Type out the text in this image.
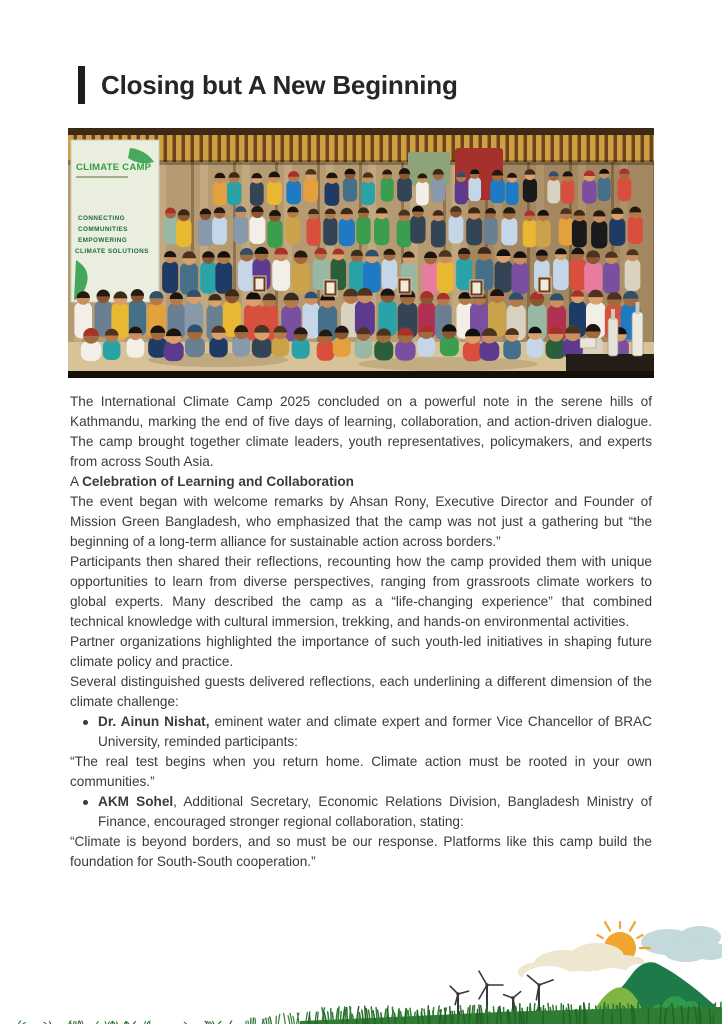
Closing but A New Beginning
CLIMATE CAMP
CONNECTING
COMMUNITIES
EMPOWERING
CLIMATE SOLUTIONS
The International Climate Camp 2025 concluded on a powerful note in the serene hills of Kathmandu, marking the end of five days of learning, collaboration, and action-driven dialogue. The camp brought together climate leaders, youth representatives, policymakers, and experts from across South Asia.
A Celebration of Learning and Collaboration
The event began with welcome remarks by Ahsan Rony, Executive Director and Founder of Mission Green Bangladesh, who emphasized that the camp was not just a gathering but “the beginning of a long-term alliance for sustainable action across borders.”
Participants then shared their reflections, recounting how the camp provided them with unique opportunities to learn from diverse perspectives, ranging from grassroots climate workers to global experts. Many described the camp as a “life-changing experience” that combined technical knowledge with cultural immersion, trekking, and hands-on environmental activities.
Partner organizations highlighted the importance of such youth-led initiatives in shaping future climate policy and practice.
Several distinguished guests delivered reflections, each underlining a different dimension of the climate challenge:
Dr. Ainun Nishat, eminent water and climate expert and former Vice Chancellor of BRAC University, reminded participants:
“The real test begins when you return home. Climate action must be rooted in your own communities.”
AKM Sohel, Additional Secretary, Economic Relations Division, Bangladesh Ministry of Finance, encouraged stronger regional collaboration, stating:
“Climate is beyond borders, and so must be our response. Platforms like this camp build the foundation for South-South cooperation.”
